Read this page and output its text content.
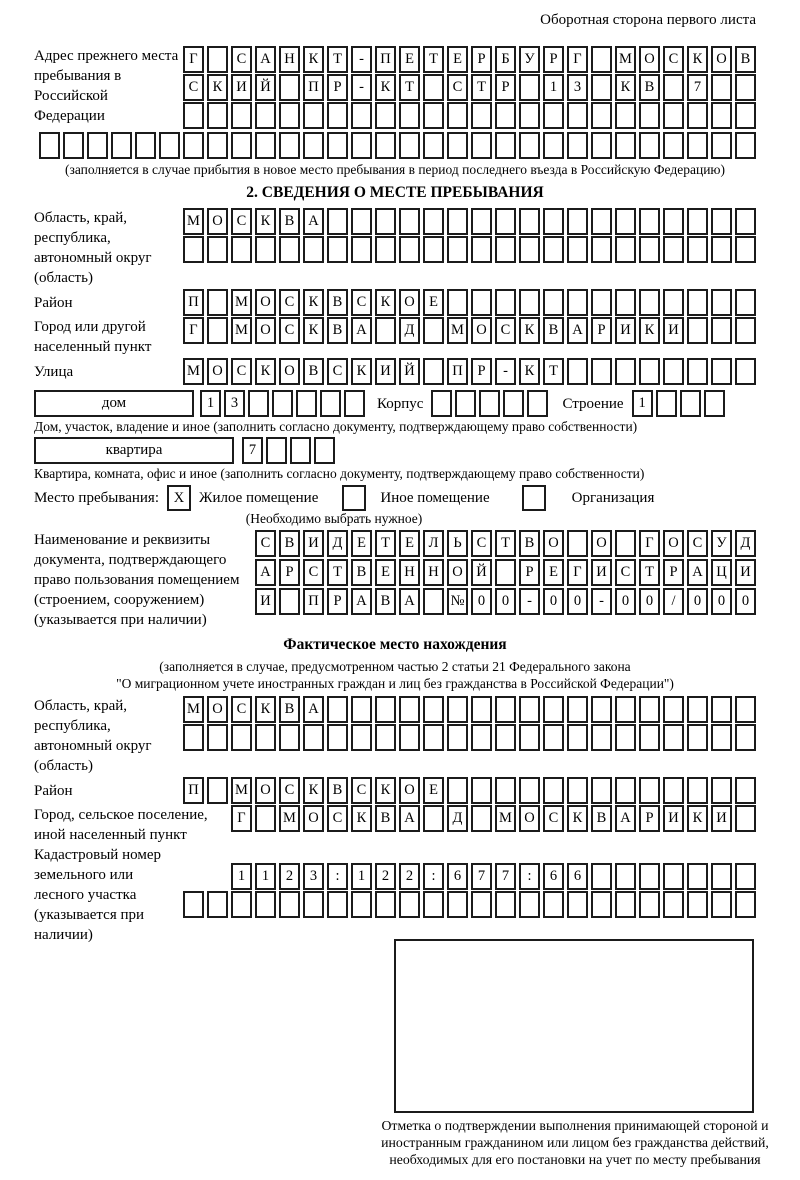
Оборотная сторона первого листа
Адрес прежнего места пребывания в Российской Федерации
Г	С А Н К	Т	-	П Е	Т	Е	Р	Б	У	Р	Г	М О С К О В
С К И Й	П	Р	-	К	Т	С	Т	Р	1	3	К В	7
(заполняется в случае прибытия в новое место пребывания в период последнего въезда в Российскую Федерацию)
2. СВЕДЕНИЯ О МЕСТЕ ПРЕБЫВАНИЯ
Область, край, республика, автономный округ (область)
М О С К В А
Район	П	М О С К В С К О Е
Город или другой населенный пункт
Г	М О С К В А	Д	М О С К В А	Р	И К И
Улица	М О С К О В С К И Й	П	Р	-	К	Т
дом	1	3	Корпус	Строение	1
Дом, участок, владение и иное (заполнить согласно документу, подтверждающему право собственности)
квартира	7
Квартира, комната, офис и иное (заполнить согласно документу, подтверждающему право собственности)
Место пребывания:	X Жилое помещение	Иное помещение	Организация
(Необходимо выбрать нужное)
Наименование и реквизиты документа, подтверждающего право пользования помещением (строением, сооружением) (указывается при наличии)
С В И Д	Е	Т	Е	Л	Ь	С	Т	В О	О	Г	О С У Д
А	Р	С	Т	В	Е Н Н О Й	Р	Е	Г	И С	Т	Р	А Ц И
И	П	Р	А В А	№ 0	0	-	0	0	-	0	0	/	0	0	0
Фактическое место нахождения
(заполняется в случае, предусмотренном частью 2 статьи 21 Федерального закона
"О миграционном учете иностранных граждан и лиц без гражданства в Российской Федерации")
Область, край, республика, автономный округ (область)
М О С К В А
Район	П	М О С К В С К О Е
Город, сельское поселение, иной населенный пункт
Г	М О С К В А	Д	М О С К В А	Р	И К И
Кадастровый номер земельного или лесного участка (указывается при наличии)
1	1	2	3	:	1	2	2	:	6	7	7	:	6	6
Отметка о подтверждении выполнения принимающей стороной и иностранным гражданином или лицом без гражданства действий, необходимых для его постановки на учет по месту пребывания
